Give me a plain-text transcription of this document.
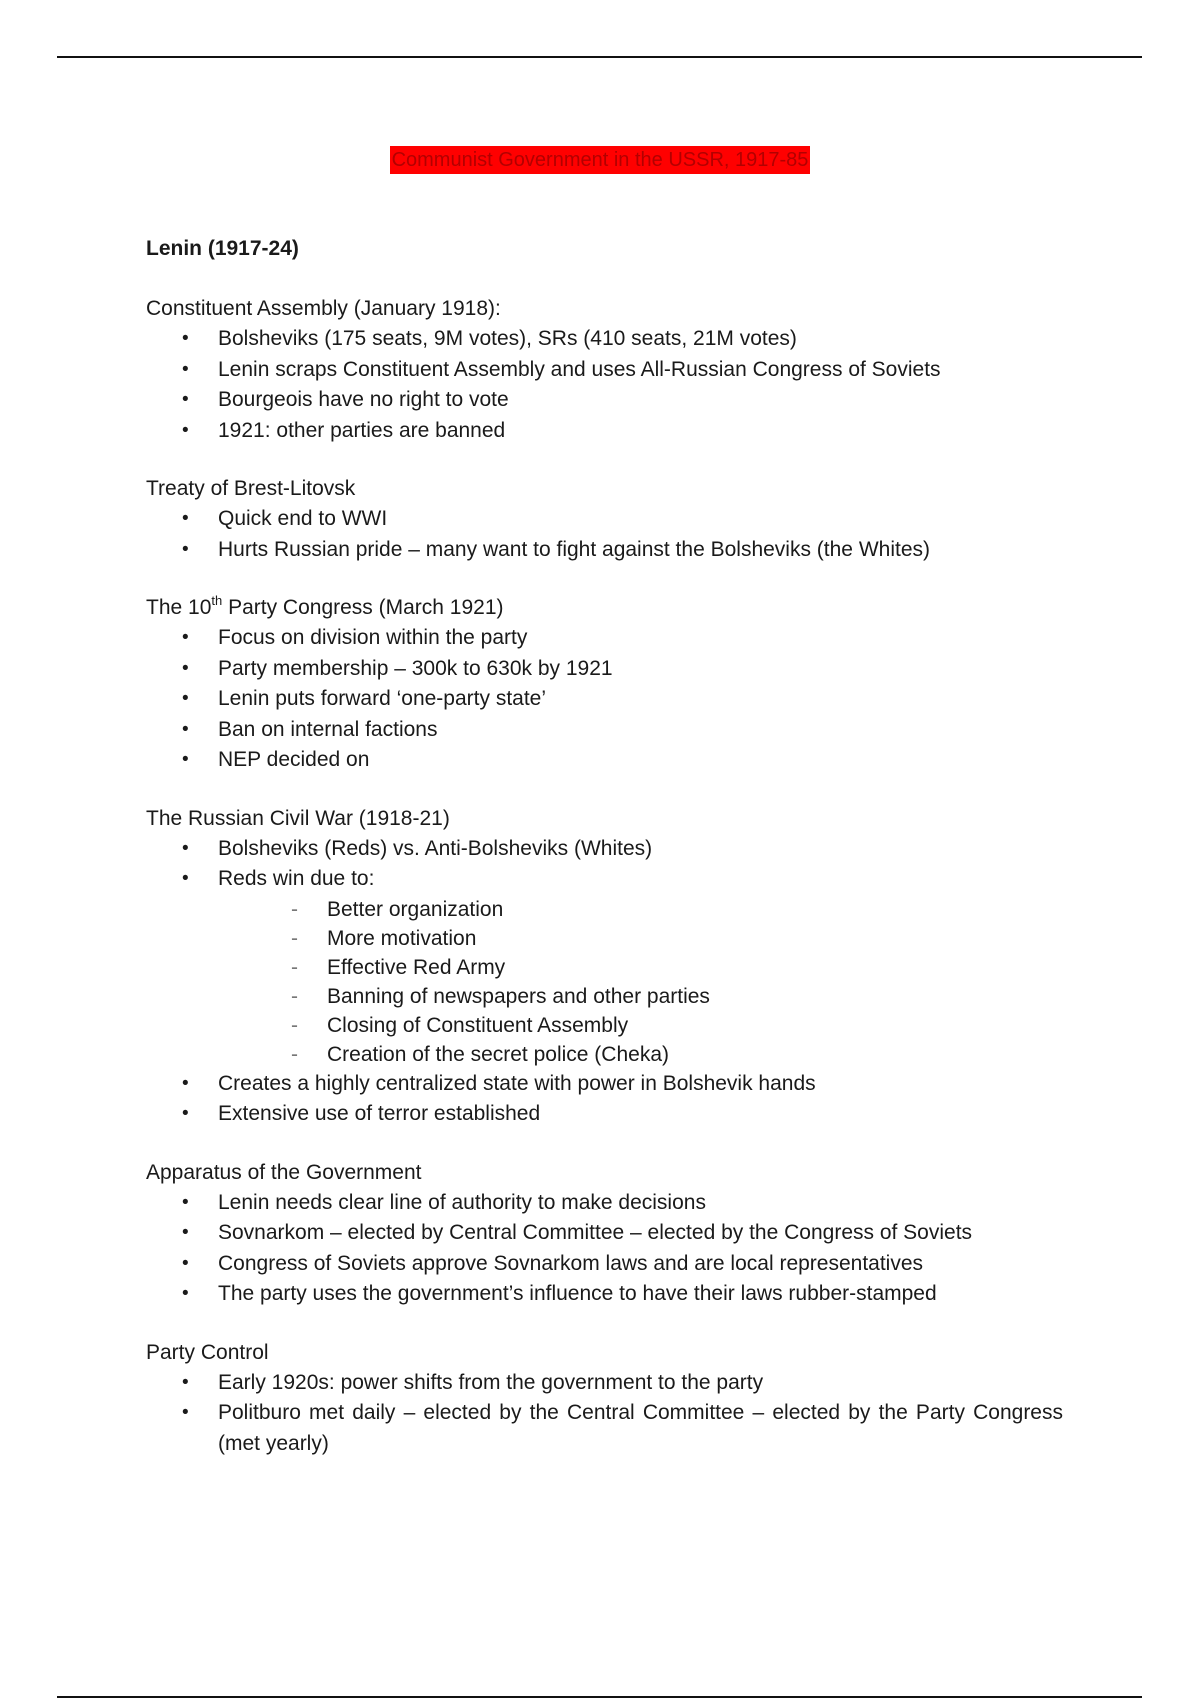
Communist Government in the USSR, 1917-85
Lenin (1917-24)

Constituent Assembly (January 1918):

• Bolsheviks (175 seats, 9M votes), SRs (410 seats, 21M votes)
• Lenin scraps Constituent Assembly and uses All-Russian Congress of Soviets
• Bourgeois have no right to vote
• 1921: other parties are banned

Treaty of Brest-Litovsk

• Quick end to WWI
• Hurts Russian pride – many want to fight against the Bolsheviks (the Whites)

The 10th Party Congress (March 1921)

• Focus on division within the party
• Party membership – 300k to 630k by 1921
• Lenin puts forward ‘one-party state’
• Ban on internal factions
• NEP decided on

The Russian Civil War (1918-21)

• Bolsheviks (Reds) vs. Anti-Bolsheviks (Whites)
• Reds win due to:
- Better organization
- More motivation
- Effective Red Army
- Banning of newspapers and other parties
- Closing of Constituent Assembly
- Creation of the secret police (Cheka)
• Creates a highly centralized state with power in Bolshevik hands
• Extensive use of terror established

Apparatus of the Government

• Lenin needs clear line of authority to make decisions
• Sovnarkom – elected by Central Committee – elected by the Congress of Soviets
• Congress of Soviets approve Sovnarkom laws and are local representatives
• The party uses the government’s influence to have their laws rubber-stamped

Party Control

• Early 1920s: power shifts from the government to the party
• Politburo met daily – elected by the Central Committee – elected by the Party Congress (met yearly)
